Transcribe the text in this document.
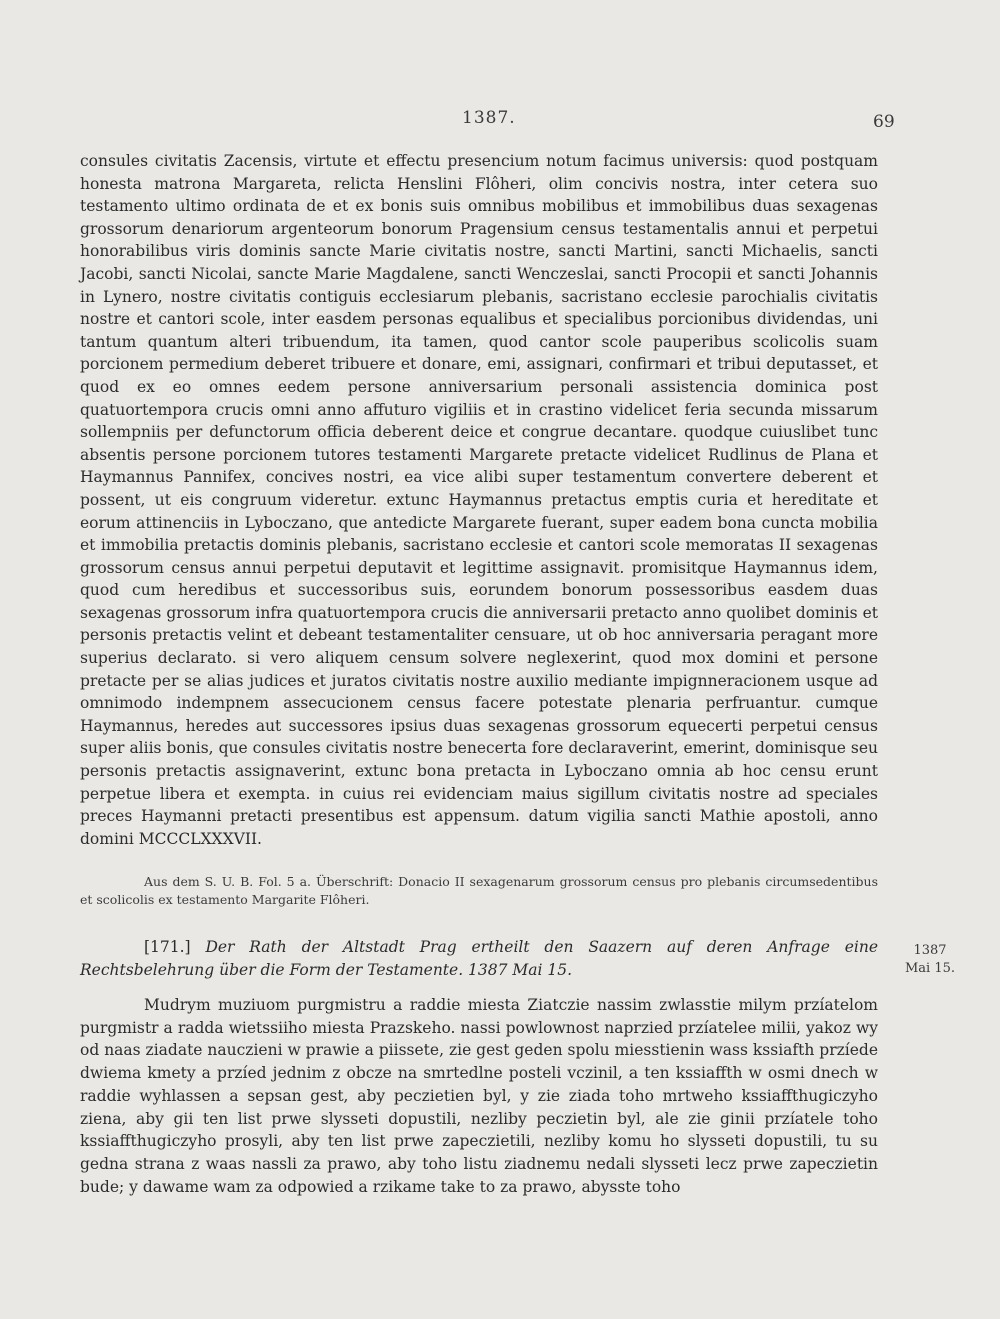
1387.	69

consules civitatis Zacensis, virtute et effectu presencium notum facimus universis: quod postquam honesta matrona Margareta, relicta Henslini Flôheri, olim concivis nostra, inter cetera suo testamento ultimo ordinata de et ex bonis suis omnibus mobilibus et immobilibus duas sexagenas grossorum denariorum argenteorum bonorum Pragensium census testamentalis annui et perpetui honorabilibus viris dominis sancte Marie civitatis nostre, sancti Martini, sancti Michaelis, sancti Jacobi, sancti Nicolai, sancte Marie Magdalene, sancti Wenczeslai, sancti Procopii et sancti Johannis in Lynero, nostre civitatis contiguis ecclesiarum plebanis, sacristano ecclesie parochialis civitatis nostre et cantori scole, inter easdem personas equalibus et specialibus porcionibus dividendas, uni tantum quantum alteri tribuendum, ita tamen, quod cantor scole pauperibus scolicolis suam porcionem permedium deberet tribuere et donare, emi, assignari, confirmari et tribui deputasset, et quod ex eo omnes eedem persone anniversarium personali assistencia dominica post quatuortempora crucis omni anno affuturo vigiliis et in crastino videlicet feria secunda missarum sollempniis per defunctorum officia deberent deice et congrue decantare. quodque cuiuslibet tunc absentis persone porcionem tutores testamenti Margarete pretacte videlicet Rudlinus de Plana et Haymannus Pannifex, concives nostri, ea vice alibi super testamentum convertere deberent et possent, ut eis congruum videretur. extunc Haymannus pretactus emptis curia et hereditate et eorum attinenciis in Lyboczano, que antedicte Margarete fuerant, super eadem bona cuncta mobilia et immobilia pretactis dominis plebanis, sacristano ecclesie et cantori scole memoratas II sexagenas grossorum census annui perpetui deputavit et legittime assignavit. promisitque Haymannus idem, quod cum heredibus et successoribus suis, eorundem bonorum possessoribus easdem duas sexagenas grossorum infra quatuortempora crucis die anniversarii pretacto anno quolibet dominis et personis pretactis velint et debeant testamentaliter censuare, ut ob hoc anniversaria peragant more superius declarato. si vero aliquem censum solvere neglexerint, quod mox domini et persone pretacte per se alias judices et juratos civitatis nostre auxilio mediante impignneracionem usque ad omnimodo indempnem assecucionem census facere potestate plenaria perfruantur. cumque Haymannus, heredes aut successores ipsius duas sexagenas grossorum equecerti perpetui census super aliis bonis, que consules civitatis nostre benecerta fore declaraverint, emerint, dominisque seu personis pretactis assignaverint, extunc bona pretacta in Lyboczano omnia ab hoc censu erunt perpetue libera et exempta. in cuius rei evidenciam maius sigillum civitatis nostre ad speciales preces Haymanni pretacti presentibus est appensum. datum vigilia sancti Mathie apostoli, anno domini MCCCLXXXVII.

Aus dem S. U. B. Fol. 5 a. Überschrift: Donacio II sexagenarum grossorum census pro plebanis circumsedentibus et scolicolis ex testamento Margarite Flôheri.
[171.] Der Rath der Altstadt Prag ertheilt den Saazern auf deren Anfrage eine Rechtsbelehrung über die Form der Testamente. 1387 Mai 15.
1387
Mai 15.
Mudrym muziuom purgmistru a raddie miesta Ziatczie nassim zwlasstie milym przíatelom purgmistr a radda wietssiiho miesta Prazskeho. nassi powlownost naprzied przíatelee milii, yakoz wy od naas ziadate nauczieni w prawie a piissete, zie gest geden spolu miesstienin wass kssiafth przíede dwiema kmety a przíed jednim z obcze na smrtedlne posteli vczinil, a ten kssiaffth w osmi dnech w raddie wyhlassen a sepsan gest, aby peczietien byl, y zie ziada toho mrtweho kssiaffthugiczyho ziena, aby gii ten list prwe slysseti dopustili, nezliby peczietin byl, ale zie ginii przíatele toho kssiaffthugiczyho prosyli, aby ten list prwe zapeczietili, nezliby komu ho slysseti dopustili, tu su gedna strana z waas nassli za prawo, aby toho listu ziadnemu nedali slysseti lecz prwe zapeczietin bude; y dawame wam za odpowied a rzikame take to za prawo, abysste toho
